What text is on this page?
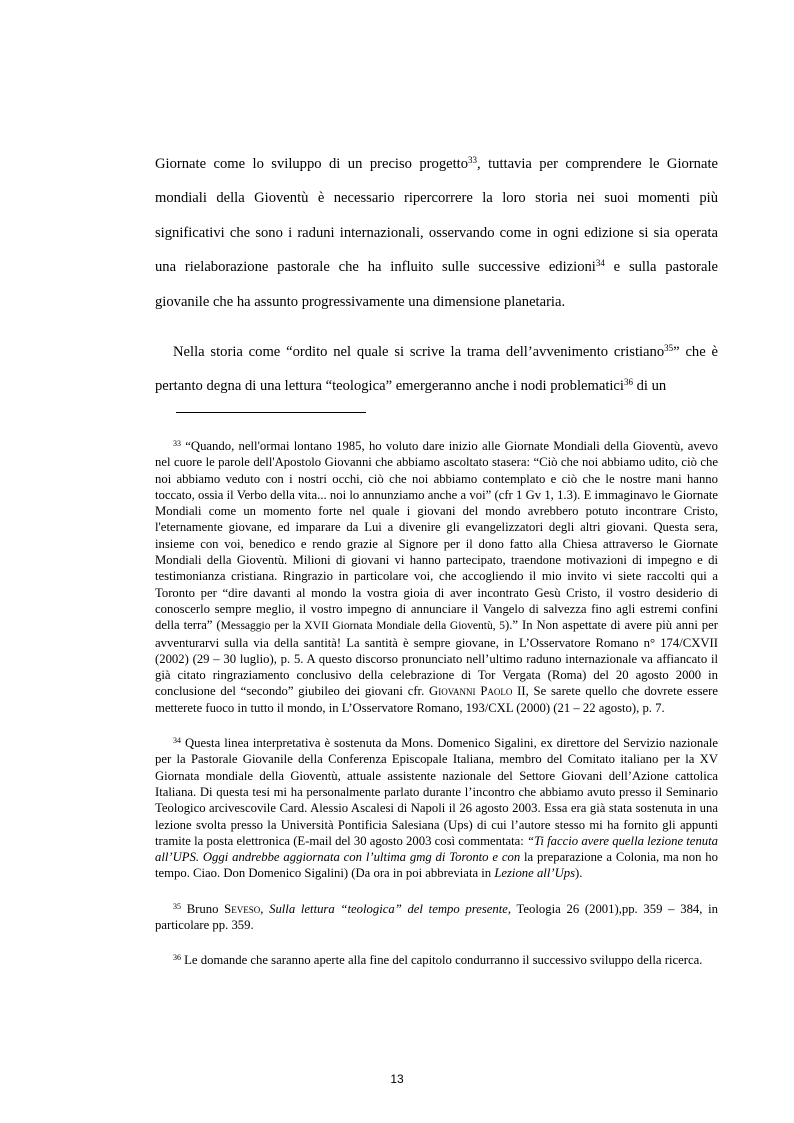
Giornate come lo sviluppo di un preciso progetto$^{33}$, tuttavia per comprendere le Giornate mondiali della Gioventù è necessario ripercorrere la loro storia nei suoi momenti più significativi che sono i raduni internazionali, osservando come in ogni edizione si sia operata una rielaborazione pastorale che ha influito sulle successive edizioni$^{34}$ e sulla pastorale giovanile che ha assunto progressivamente una dimensione planetaria.

Nella storia come “ordito nel quale si scrive la trama dell’avvenimento cristiano$^{35}$” che è pertanto degna di una lettura “teologica” emergeranno anche i nodi problematici$^{36}$ di un

$^{33}$ “Quando, nell'ormai lontano 1985, ho voluto dare inizio alle Giornate Mondiali della Gioventù, avevo nel cuore le parole dell'Apostolo Giovanni che abbiamo ascoltato stasera: “Ciò che noi abbiamo udito, ciò che noi abbiamo veduto con i nostri occhi, ciò che noi abbiamo contemplato e ciò che le nostre mani hanno toccato, ossia il Verbo della vita... noi lo annunziamo anche a voi” (cfr 1 Gv 1, 1.3). E immaginavo le Giornate Mondiali come un momento forte nel quale i giovani del mondo avrebbero potuto incontrare Cristo, l'eternamente giovane, ed imparare da Lui a divenire gli evangelizzatori degli altri giovani. Questa sera, insieme con voi, benedico e rendo grazie al Signore per il dono fatto alla Chiesa attraverso le Giornate Mondiali della Gioventù. Milioni di giovani vi hanno partecipato, traendone motivazioni di impegno e di testimonianza cristiana. Ringrazio in particolare voi, che accogliendo il mio invito vi siete raccolti qui a Toronto per “dire davanti al mondo la vostra gioia di aver incontrato Gesù Cristo, il vostro desiderio di conoscerlo sempre meglio, il vostro impegno di annunciare il Vangelo di salvezza fino agli estremi confini della terra” (Messaggio per la XVII Giornata Mondiale della Gioventù, 5).” In Non aspettate di avere più anni per avventurarvi sulla via della santità! La santità è sempre giovane, in L’Osservatore Romano n° 174/CXVII (2002) (29 – 30 luglio), p. 5. A questo discorso pronunciato nell’ultimo raduno internazionale va affiancato il già citato ringraziamento conclusivo della celebrazione di Tor Vergata (Roma) del 20 agosto 2000 in conclusione del “secondo” giubileo dei giovani cfr. Giovanni Paolo II, Se sarete quello che dovrete essere metterete fuoco in tutto il mondo, in L’Osservatore Romano, 193/CXL (2000) (21 – 22 agosto), p. 7.

$^{34}$ Questa linea interpretativa è sostenuta da Mons. Domenico Sigalini, ex direttore del Servizio nazionale per la Pastorale Giovanile della Conferenza Episcopale Italiana, membro del Comitato italiano per la XV Giornata mondiale della Gioventù, attuale assistente nazionale del Settore Giovani dell’Azione cattolica Italiana. Di questa tesi mi ha personalmente parlato durante l’incontro che abbiamo avuto presso il Seminario Teologico arcivescovile Card. Alessio Ascalesi di Napoli il 26 agosto 2003. Essa era già stata sostenuta in una lezione svolta presso la Università Pontificia Salesiana (Ups) di cui l’autore stesso mi ha fornito gli appunti tramite la posta elettronica (E-mail del 30 agosto 2003 così commentata: “Ti faccio avere quella lezione tenuta all’UPS. Oggi andrebbe aggiornata con l’ultima gmg di Toronto e con la preparazione a Colonia, ma non ho tempo. Ciao. Don Domenico Sigalini) (Da ora in poi abbreviata in Lezione all’Ups).

$^{35}$ Bruno Seveso, Sulla lettura “teologica” del tempo presente, Teologia 26 (2001),pp. 359 – 384, in particolare pp. 359.

$^{36}$ Le domande che saranno aperte alla fine del capitolo condurranno il successivo sviluppo della ricerca.

13
